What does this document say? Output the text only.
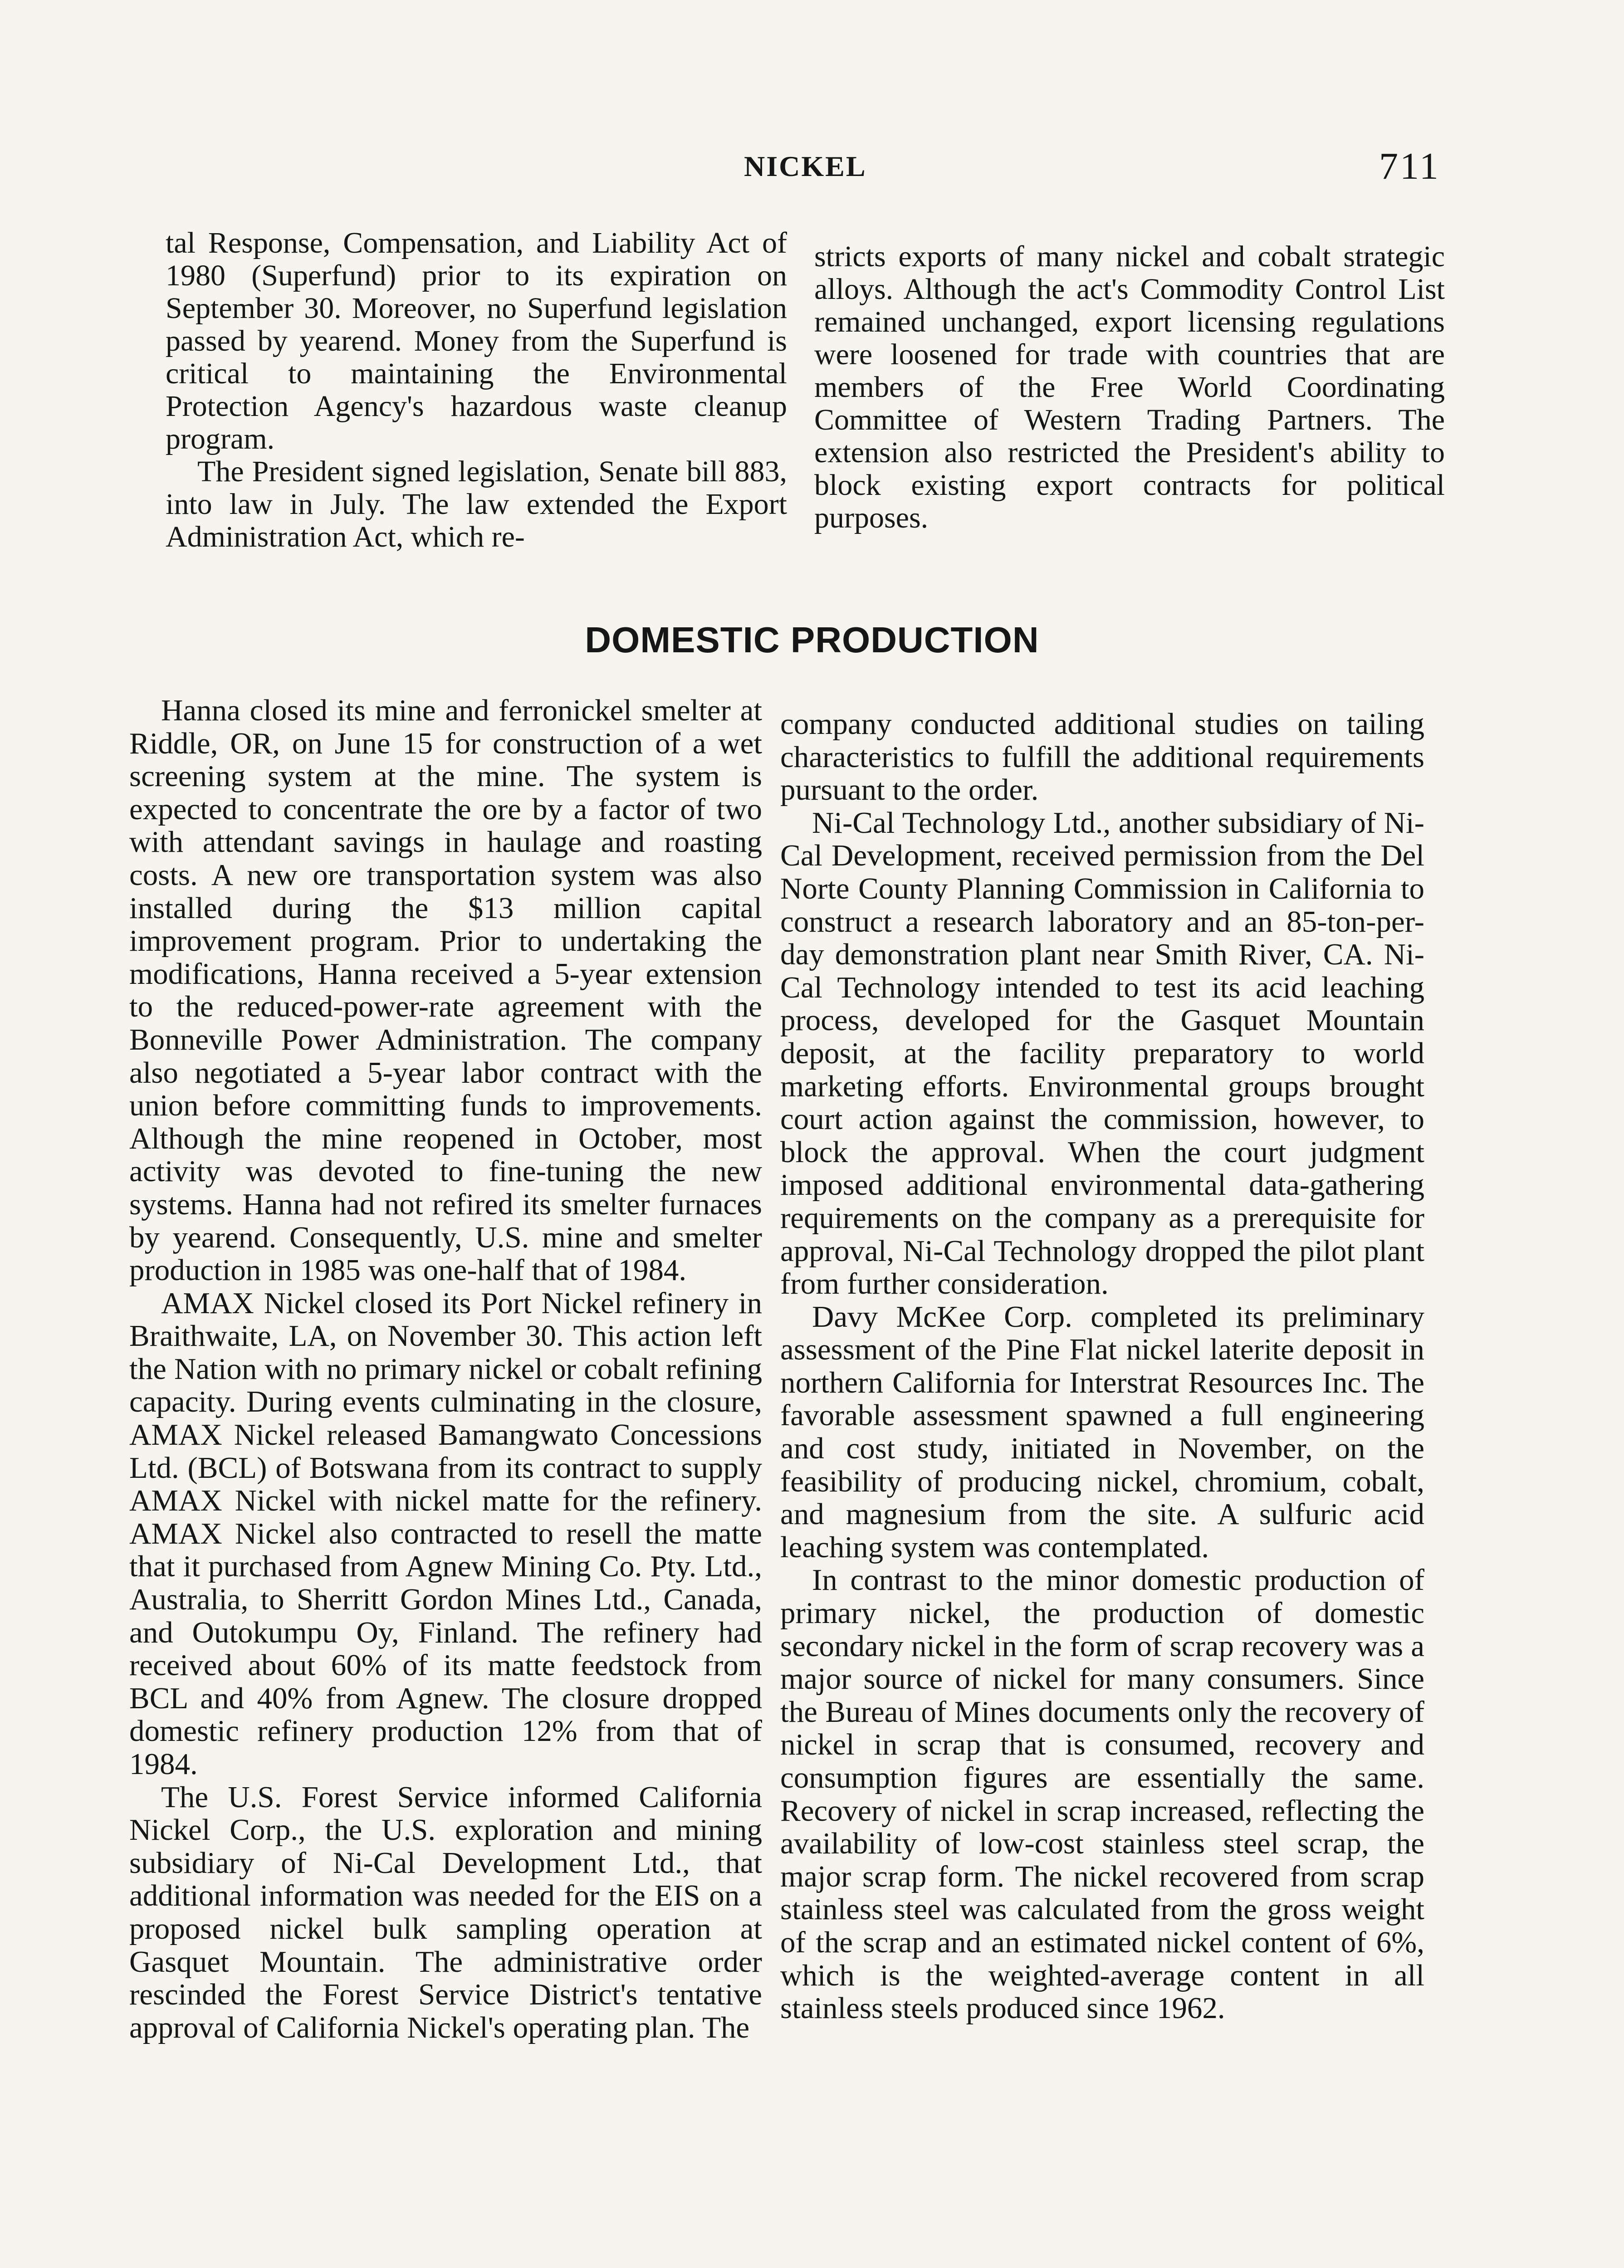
NICKEL	711

tal Response, Compensation, and Liability Act of 1980 (Superfund) prior to its expiration on September 30. Moreover, no Superfund legislation passed by yearend. Money from the Superfund is critical to maintaining the Environmental Protection Agency's hazardous waste cleanup program.

The President signed legislation, Senate bill 883, into law in July. The law extended the Export Administration Act, which re-

stricts exports of many nickel and cobalt strategic alloys. Although the act's Commodity Control List remained unchanged, export licensing regulations were loosened for trade with countries that are members of the Free World Coordinating Committee of Western Trading Partners. The extension also restricted the President's ability to block existing export contracts for political purposes.

DOMESTIC PRODUCTION

Hanna closed its mine and ferronickel smelter at Riddle, OR, on June 15 for construction of a wet screening system at the mine. The system is expected to concentrate the ore by a factor of two with attendant savings in haulage and roasting costs. A new ore transportation system was also installed during the $13 million capital improvement program. Prior to undertaking the modifications, Hanna received a 5-year extension to the reduced-power-rate agreement with the Bonneville Power Administration. The company also negotiated a 5-year labor contract with the union before committing funds to improvements. Although the mine reopened in October, most activity was devoted to fine-tuning the new systems. Hanna had not refired its smelter furnaces by yearend. Consequently, U.S. mine and smelter production in 1985 was one-half that of 1984.

AMAX Nickel closed its Port Nickel refinery in Braithwaite, LA, on November 30. This action left the Nation with no primary nickel or cobalt refining capacity. During events culminating in the closure, AMAX Nickel released Bamangwato Concessions Ltd. (BCL) of Botswana from its contract to supply AMAX Nickel with nickel matte for the refinery. AMAX Nickel also contracted to resell the matte that it purchased from Agnew Mining Co. Pty. Ltd., Australia, to Sherritt Gordon Mines Ltd., Canada, and Outokumpu Oy, Finland. The refinery had received about 60% of its matte feedstock from BCL and 40% from Agnew. The closure dropped domestic refinery production 12% from that of 1984.

The U.S. Forest Service informed California Nickel Corp., the U.S. exploration and mining subsidiary of Ni-Cal Development Ltd., that additional information was needed for the EIS on a proposed nickel bulk sampling operation at Gasquet Mountain. The administrative order rescinded the Forest Service District's tentative approval of California Nickel's operating plan. The

company conducted additional studies on tailing characteristics to fulfill the additional requirements pursuant to the order.

Ni-Cal Technology Ltd., another subsidiary of Ni-Cal Development, received permission from the Del Norte County Planning Commission in California to construct a research laboratory and an 85-ton-per-day demonstration plant near Smith River, CA. Ni-Cal Technology intended to test its acid leaching process, developed for the Gasquet Mountain deposit, at the facility preparatory to world marketing efforts. Environmental groups brought court action against the commission, however, to block the approval. When the court judgment imposed additional environmental data-gathering requirements on the company as a prerequisite for approval, Ni-Cal Technology dropped the pilot plant from further consideration.

Davy McKee Corp. completed its preliminary assessment of the Pine Flat nickel laterite deposit in northern California for Interstrat Resources Inc. The favorable assessment spawned a full engineering and cost study, initiated in November, on the feasibility of producing nickel, chromium, cobalt, and magnesium from the site. A sulfuric acid leaching system was contemplated.

In contrast to the minor domestic production of primary nickel, the production of domestic secondary nickel in the form of scrap recovery was a major source of nickel for many consumers. Since the Bureau of Mines documents only the recovery of nickel in scrap that is consumed, recovery and consumption figures are essentially the same. Recovery of nickel in scrap increased, reflecting the availability of low-cost stainless steel scrap, the major scrap form. The nickel recovered from scrap stainless steel was calculated from the gross weight of the scrap and an estimated nickel content of 6%, which is the weighted-average content in all stainless steels produced since 1962.
